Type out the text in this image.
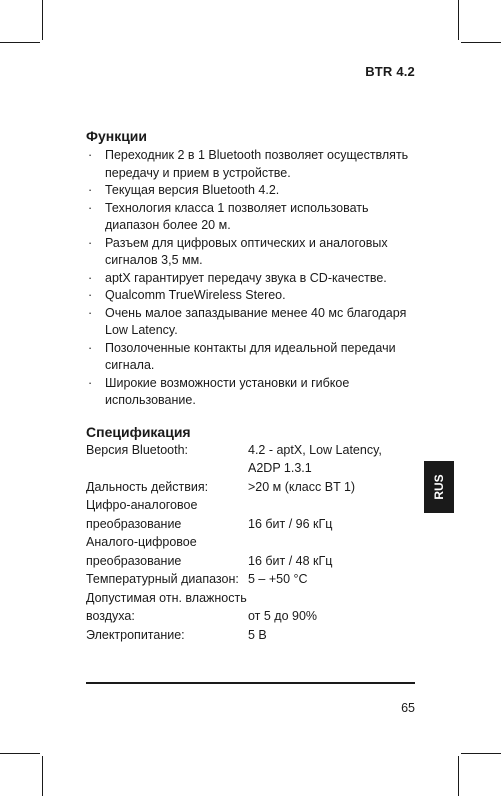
BTR 4.2
RUS
Функции
· Переходник 2 в 1 Bluetooth позволяет осуществлять передачу и прием в устройстве.
· Текущая версия Bluetooth 4.2.
· Технология класса 1 позволяет использовать диапазон более 20 м.
· Разъем для цифровых оптических и аналоговых сигналов 3,5 мм.
· aptX гарантирует передачу звука в CD-качестве.
· Qualcomm TrueWireless Stereo.
· Очень малое запаздывание менее 40 мс благодаря Low Latency.
· Позолоченные контакты для идеальной передачи сигнала.
· Широкие возможности установки и гибкое использование.
Спецификация
Версия Bluetooth:	4.2 - aptX, Low Latency,
A2DP 1.3.1
Дальность действия:	>20 м (класс BT 1)
Цифро-аналоговое
преобразование	16 бит / 96 кГц
Аналого-цифровое
преобразование	16 бит / 48 кГц
Температурный диапазон: 5 – +50 °C
Допустимая отн. влажность
воздуха:	от 5 до 90%
Электропитание:	5 В
65
